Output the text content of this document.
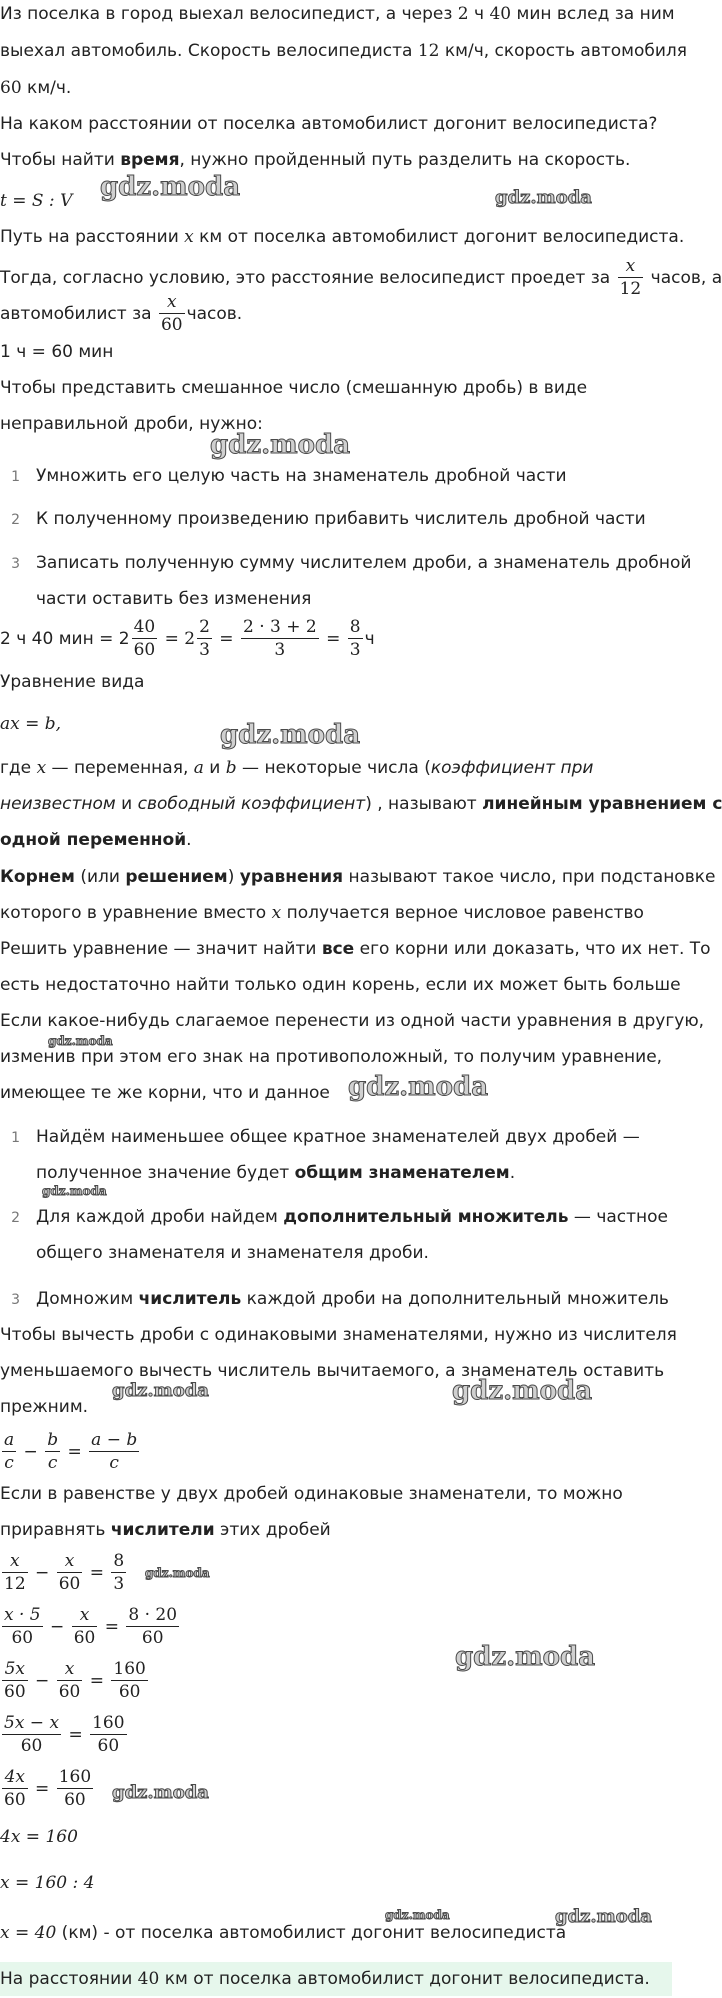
Из поселка в город выехал велосипедист, а через 2 ч 40 мин вслед за ним
выехал автомобиль. Скорость велосипедиста 12 км/ч, скорость автомобиля
60 км/ч.
На каком расстоянии от поселка автомобилист догонит велосипедиста?
Чтобы найти время, нужно пройденный путь разделить на скорость.
t = S : V
Путь на расстоянии x км от поселка автомобилист догонит велосипедиста.
Тогда, согласно условию, это расстояние велосипедист проедет за $\frac{x}{12}$ часов, а
автомобилист за $\frac{x}{60}$ часов.
1 ч = 60 мин
Чтобы представить смешанное число (смешанную дробь) в виде
неправильной дроби, нужно:
1 Умножить его целую часть на знаменатель дробной части
2 К полученному произведению прибавить числитель дробной части
3 Записать полученную сумму числителем дроби, а знаменатель дробной
части оставить без изменения
2 ч 40 мин = $2 \frac{40}{60} = 2 \frac{2}{3} = \frac{2 \cdot 3 + 2}{3} = \frac{8}{3}$ ч
Уравнение вида
ax = b,
где x — переменная, a и b — некоторые числа (коэффициент при
неизвестном и свободный коэффициент) , называют линейным уравнением с
одной переменной.
Корнем (или решением) уравнения называют такое число, при подстановке
которого в уравнение вместо x получается верное числовое равенство
Решить уравнение — значит найти все его корни или доказать, что их нет. То
есть недостаточно найти только один корень, если их может быть больше
Если какое-нибудь слагаемое перенести из одной части уравнения в другую,
изменив при этом его знак на противоположный, то получим уравнение,
имеющее те же корни, что и данное
1 Найдём наименьшее общее кратное знаменателей двух дробей —
полученное значение будет общим знаменателем.
2 Для каждой дроби найдем дополнительный множитель — частное
общего знаменателя и знаменателя дроби.
3 Домножим числитель каждой дроби на дополнительный множитель
Чтобы вычесть дроби с одинаковыми знаменателями, нужно из числителя
уменьшаемого вычесть числитель вычитаемого, а знаменатель оставить
прежним.
$\frac{a}{c} - \frac{b}{c} = \frac{a - b}{c}$
Если в равенстве у двух дробей одинаковые знаменатели, то можно
приравнять числители этих дробей
$\frac{x}{12} - \frac{x}{60} = \frac{8}{3}$
$\frac{x \cdot 5}{60} - \frac{x}{60} = \frac{8 \cdot 20}{60}$
$\frac{5x}{60} - \frac{x}{60} = \frac{160}{60}$
$\frac{5x - x}{60} = \frac{160}{60}$
$\frac{4x}{60} = \frac{160}{60}$
4x = 160
x = 160 : 4
x = 40 (км) - от поселка автомобилист догонит велосипедиста
На расстоянии 40 км от поселка автомобилист догонит велосипедиста.
gdz.moda	gdz.moda
gdz.moda
gdz.moda
gdz.moda
gdz.moda
gdz.moda
gdz.moda	gdz.moda
gdz.moda
gdz.moda
gdz.moda
gdz.moda	gdz.moda
